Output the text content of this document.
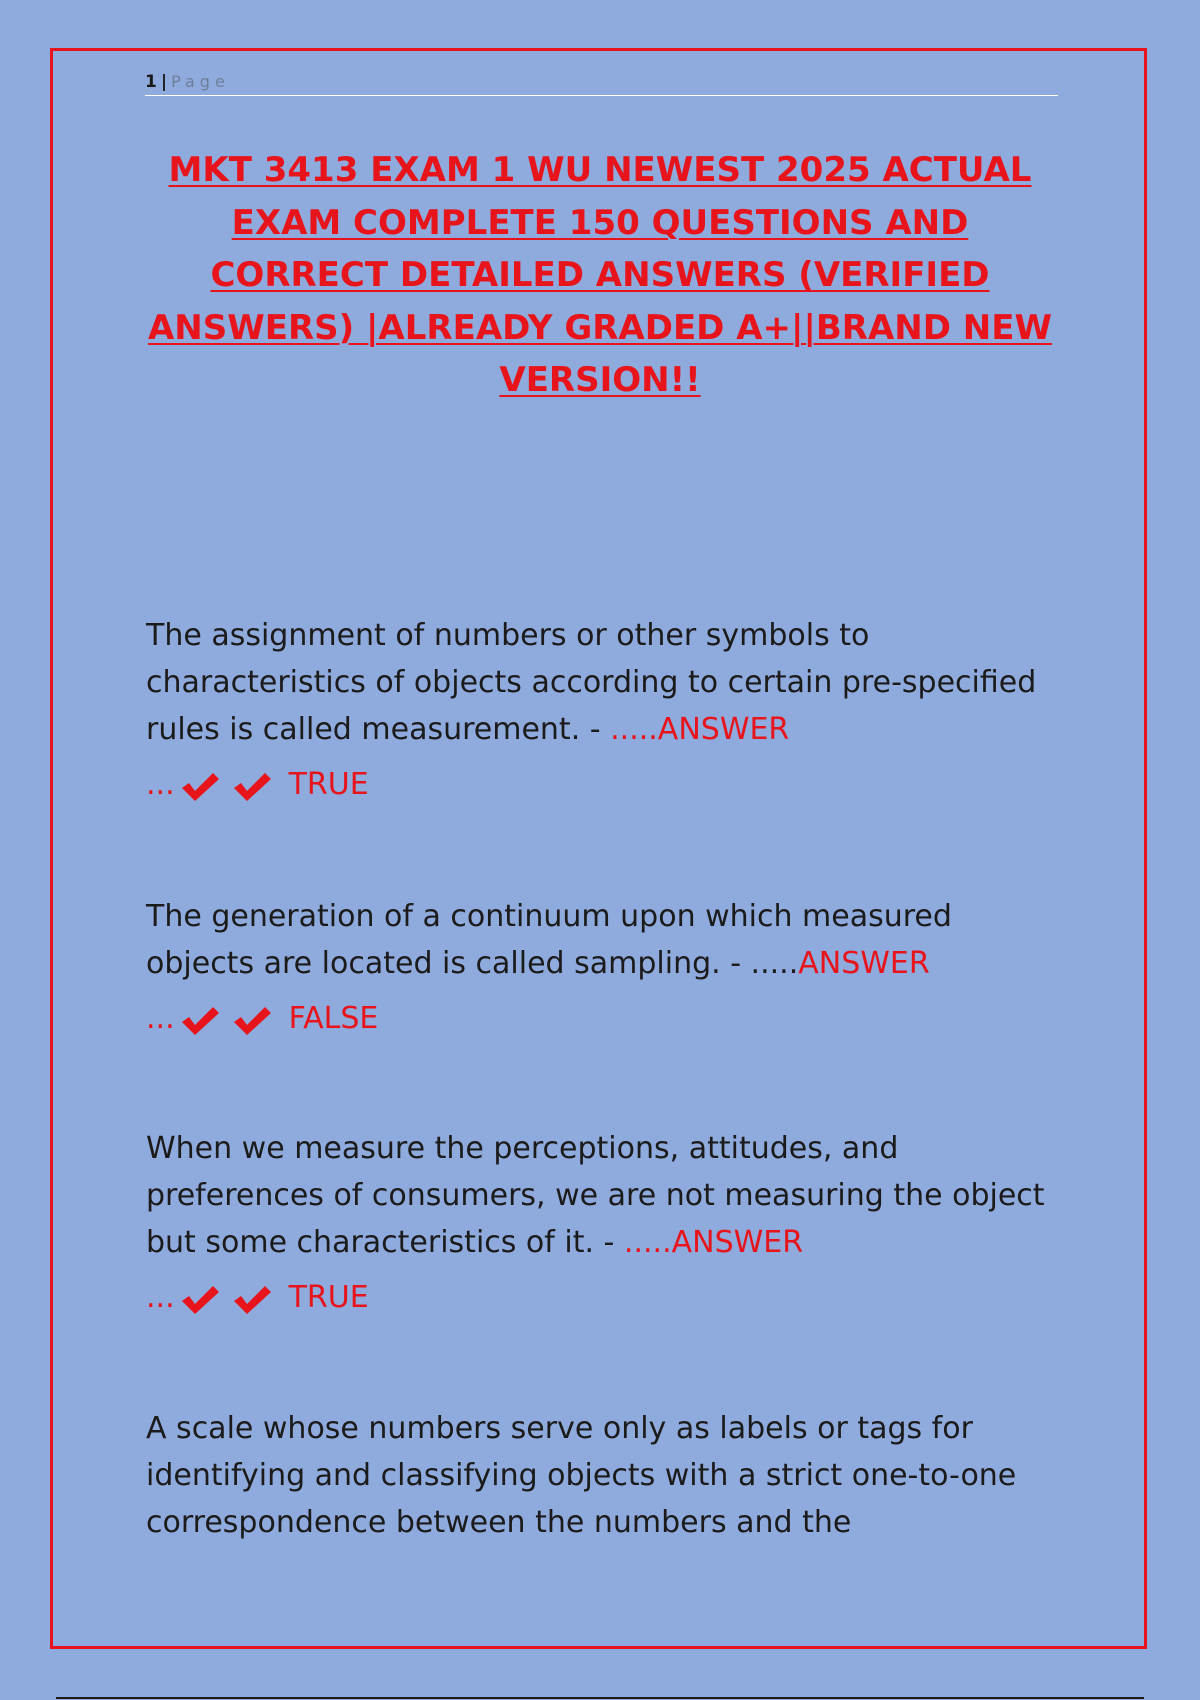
1 | Page
MKT 3413 EXAM 1 WU NEWEST 2025 ACTUAL EXAM COMPLETE 150 QUESTIONS AND CORRECT DETAILED ANSWERS (VERIFIED ANSWERS) |ALREADY GRADED A+||BRAND NEW VERSION!!

The assignment of numbers or other symbols to characteristics of objects according to certain pre-specified rules is called measurement. - .....ANSWER

...	TRUE

The generation of a continuum upon which measured objects are located is called sampling. - .....ANSWER

...	FALSE

When we measure the perceptions, attitudes, and preferences of consumers, we are not measuring the object but some characteristics of it. - .....ANSWER

...	TRUE

A scale whose numbers serve only as labels or tags for identifying and classifying objects with a strict one-to-one correspondence between the numbers and the
